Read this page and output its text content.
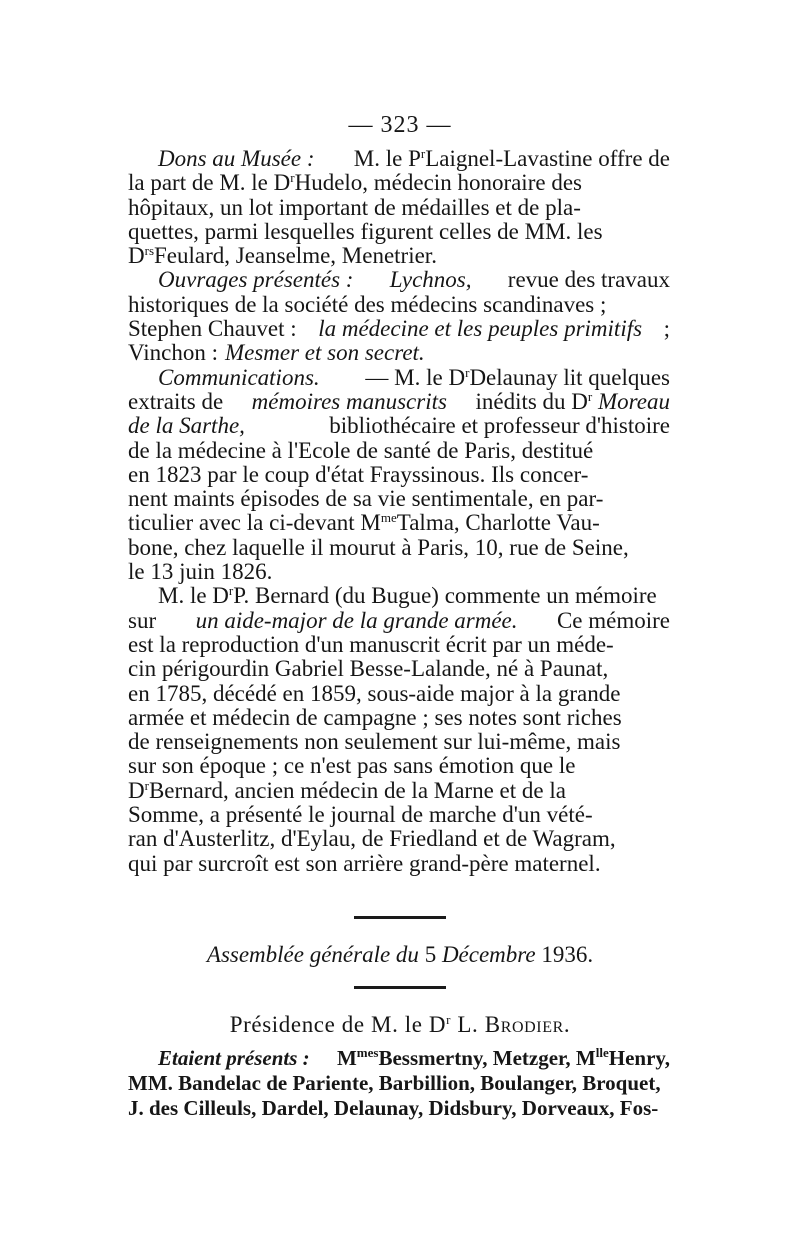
— 323 —
Dons au Musée : M. le $P^rLaignel$-Lavastine offre de
la part de M. le $D^rHudelo$, médecin honoraire des
hôpitaux, un lot important de médailles et de pla-
quettes, parmi lesquelles figurent celles de MM. les
$D^{rs}Feulard$, Jeanselme, Menetrier.
Ouvrages présentés : Lychnos, revue des travaux
historiques de la société des médecins scandinaves ;
Stephen Chauvet : la médecine et les peuples primitifs ;
Vinchon : Mesmer et son secret.
Communications. — M. le $D^rDelaunay$ lit quelques
extraits de mémoires manuscrits inédits du $D^r$ Moreau
de la Sarthe,	bibliothécaire et professeur d'histoire
de la médecine à l'Ecole de santé de Paris, destitué
en 1823 par le coup d'état Frayssinous. Ils concer-
nent maints épisodes de sa vie sentimentale, en par-
ticulier avec la ci-devant $M^{me}Talma$, Charlotte Vau-
bone, chez laquelle il mourut à Paris, 10, rue de Seine,
le 13 juin 1826.
M. le $D^rP$. Bernard (du Bugue) commente un mémoire
sur un aide-major de la grande armée. Ce mémoire
est la reproduction d'un manuscrit écrit par un méde-
cin périgourdin Gabriel Besse-Lalande, né à Paunat,
en 1785, décédé en 1859, sous-aide major à la grande
armée et médecin de campagne ; ses notes sont riches
de renseignements non seulement sur lui-même, mais
sur son époque ; ce n'est pas sans émotion que le
$D^rBernard$, ancien médecin de la Marne et de la
Somme, a présenté le journal de marche d'un vété-
ran d'Austerlitz, d'Eylau, de Friedland et de Wagram,
qui par surcroît est son arrière grand-père maternel.
Assemblée générale du 5 Décembre 1936.
Présidence de M. le $D^r$ L. Brodier.
Etaient présents : $M^{mes}Bessmertny$, Metzger, $M^{lle}Henry$,
MM. Bandelac de Pariente, Barbillion, Boulanger, Broquet,
J. des Cilleuls, Dardel, Delaunay, Didsbury, Dorveaux, Fos-
